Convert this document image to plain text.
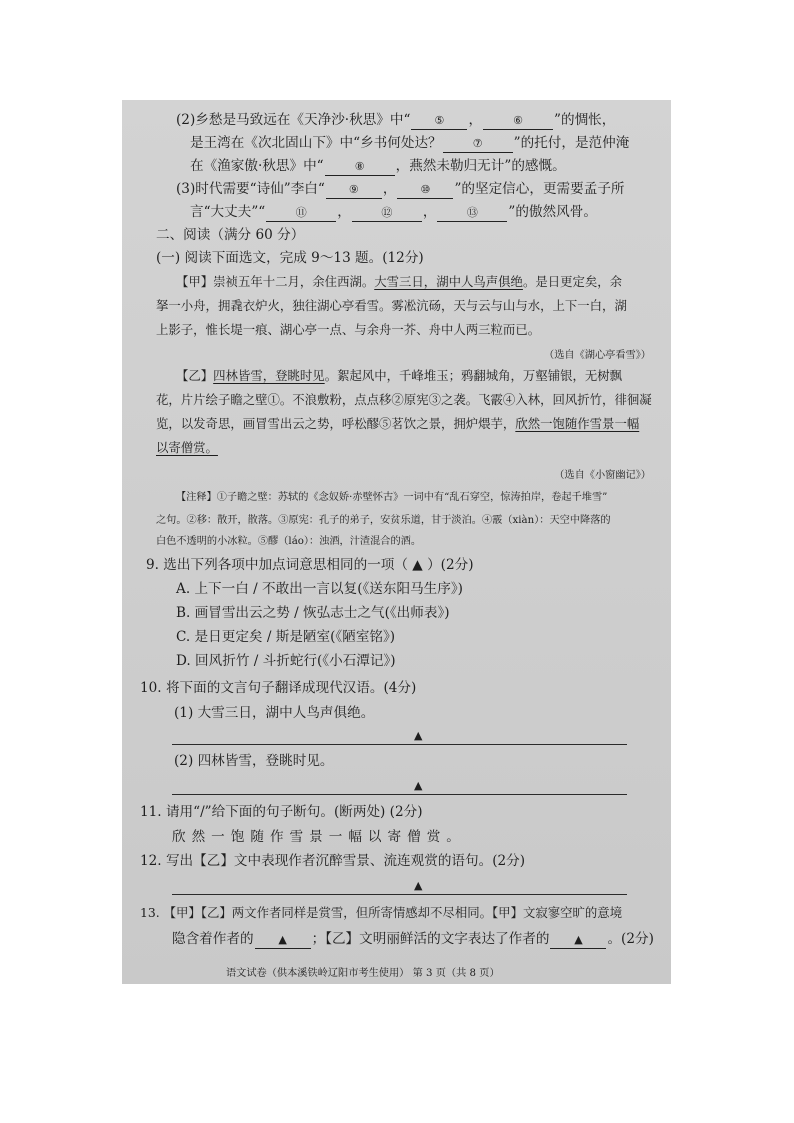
(2)乡愁是马致远在《天净沙·秋思》中“ ⑤ ，	⑥ ”的惆怅，
是王湾在《次北固山下》中“乡书何处达？	⑦ ”的托付，是范仲淹
在《渔家傲·秋思》中“	⑧ ，燕然未勒归无计”的感慨。
(3)时代需要“诗仙”李白“ ⑨ ， ⑩ ”的坚定信心，更需要孟子所
言“大丈夫”“	⑪ ，	⑫ ，	⑬ ”的傲然风骨。
二、阅读（满分 60 分）
(一) 阅读下面选文，完成 9～13 题。(12分)
【甲】崇祯五年十二月，余住西湖。大雪三日，湖中人鸟声俱绝。是日更定矣，余
拏一小舟，拥毳衣炉火，独往湖心亭看雪。雾凇沆砀，天与云与山与水，上下一白，湖
上影子，惟长堤一痕、湖心亭一点、与余舟一芥、舟中人两三粒而已。
（选自《湖心亭看雪》）
【乙】四林皆雪，登眺时见。絮起风中，千峰堆玉；鸦翻城角，万壑铺银，无树飘
花，片片绘子瞻之壁①。不浪敷粉，点点移②原宪③之袭。飞霰④入林，回风折竹，徘徊凝
览，以发奇思，画冒雪出云之势，呼松醪⑤茗饮之景，拥炉煨芋，欣然一饱随作雪景一幅
以寄僧赏。
（选自《小窗幽记》）
【注释】①子瞻之壁：苏轼的《念奴娇·赤壁怀古》一词中有“乱石穿空，惊涛拍岸，卷起千堆雪”
之句。②移：散开，散落。③原宪：孔子的弟子，安贫乐道，甘于淡泊。④霰（xiàn）：天空中降落的
白色不透明的小冰粒。⑤醪（láo）：浊酒，汁渣混合的酒。
9. 选出下列各项中加点词意思相同的一项（ ▲ ）(2分)
A. 上下一白 / 不敢出一言以复(《送东阳马生序》)
B. 画冒雪出云之势 / 恢弘志士之气(《出师表》)
C. 是日更定矣 / 斯是陋室(《陋室铭》)
D. 回风折竹 / 斗折蛇行(《小石潭记》)
10. 将下面的文言句子翻译成现代汉语。(4分)
(1) 大雪三日，湖中人鸟声俱绝。
▲
(2) 四林皆雪，登眺时见。
▲
11. 请用“/”给下面的句子断句。(断两处) (2分)
欣然一饱随作雪景一幅以寄僧赏。
12. 写出【乙】文中表现作者沉醉雪景、流连观赏的语句。(2分)
▲
13. 【甲】【乙】两文作者同样是赏雪，但所寄情感却不尽相同。【甲】文寂寥空旷的意境
隐含着作者的 ▲ ；【乙】文明丽鲜活的文字表达了作者的 ▲ 。(2分)
语文试卷（供本溪铁岭辽阳市考生使用） 第 3 页（共 8 页）
